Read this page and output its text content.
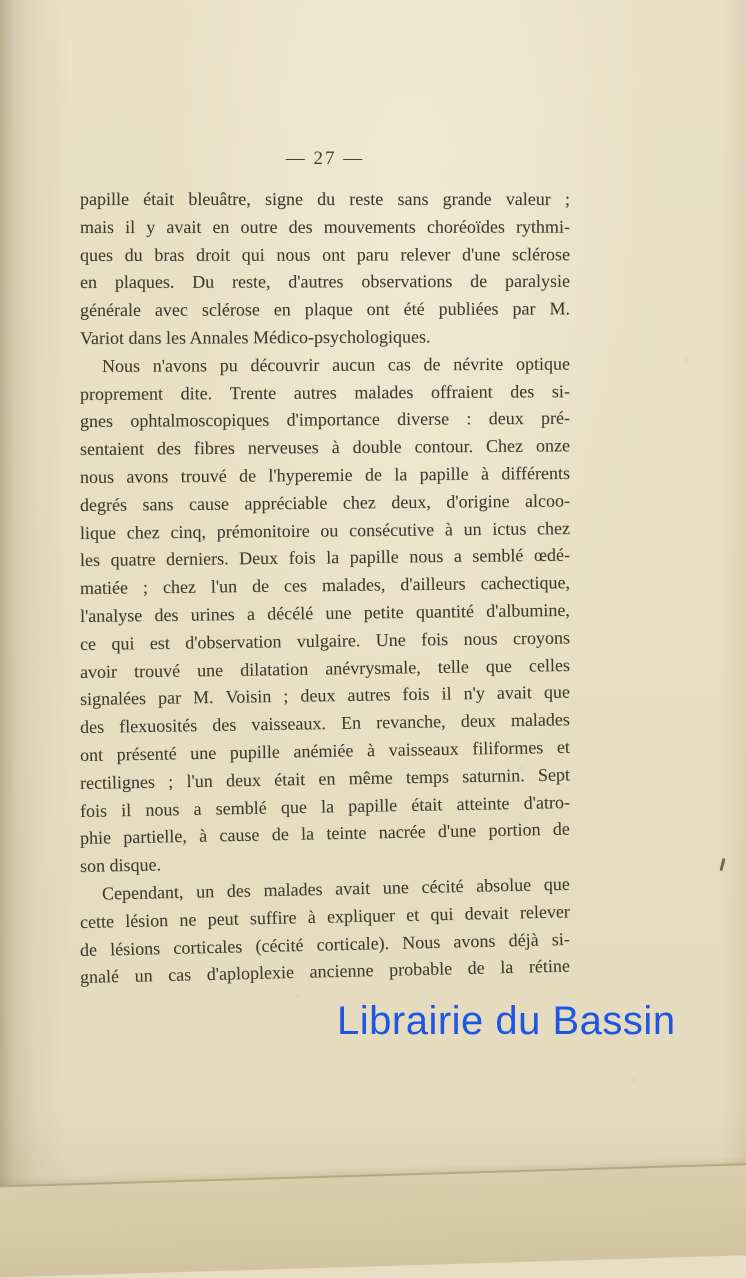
— 27 —
papille était bleuâtre, signe du reste sans grande valeur ;
mais il y avait en outre des mouvements choréoïdes rythmi-
ques du bras droit qui nous ont paru relever d'une sclérose
en plaques. Du reste, d'autres observations de paralysie
générale avec sclérose en plaque ont été publiées par M.
Variot dans les Annales Médico-psychologiques.
Nous n'avons pu découvrir aucun cas de névrite optique
proprement dite. Trente autres malades offraient des si-
gnes ophtalmoscopiques d'importance diverse : deux pré-
sentaient des fibres nerveuses à double contour. Chez onze
nous avons trouvé de l'hyperemie de la papille à différents
degrés sans cause appréciable chez deux, d'origine alcoo-
lique chez cinq, prémonitoire ou consécutive à un ictus chez
les quatre derniers. Deux fois la papille nous a semblé œdé-
matiée ; chez l'un de ces malades, d'ailleurs cachectique,
l'analyse des urines a décélé une petite quantité d'albumine,
ce qui est d'observation vulgaire. Une fois nous croyons
avoir trouvé une dilatation anévrysmale, telle que celles
signalées par M. Voisin ; deux autres fois il n'y avait que
des flexuosités des vaisseaux. En revanche, deux malades
ont présenté une pupille anémiée à vaisseaux filiformes et
rectilignes ; l'un deux était en même temps saturnin. Sept
fois il nous a semblé que la papille était atteinte d'atro-
phie partielle, à cause de la teinte nacrée d'une portion de
son disque.
Cependant, un des malades avait une cécité absolue que
cette lésion ne peut suffire à expliquer et qui devait relever
de lésions corticales (cécité corticale). Nous avons déjà si-
gnalé un cas d'aploplexie ancienne probable de la rétine
Librairie du Bassin
